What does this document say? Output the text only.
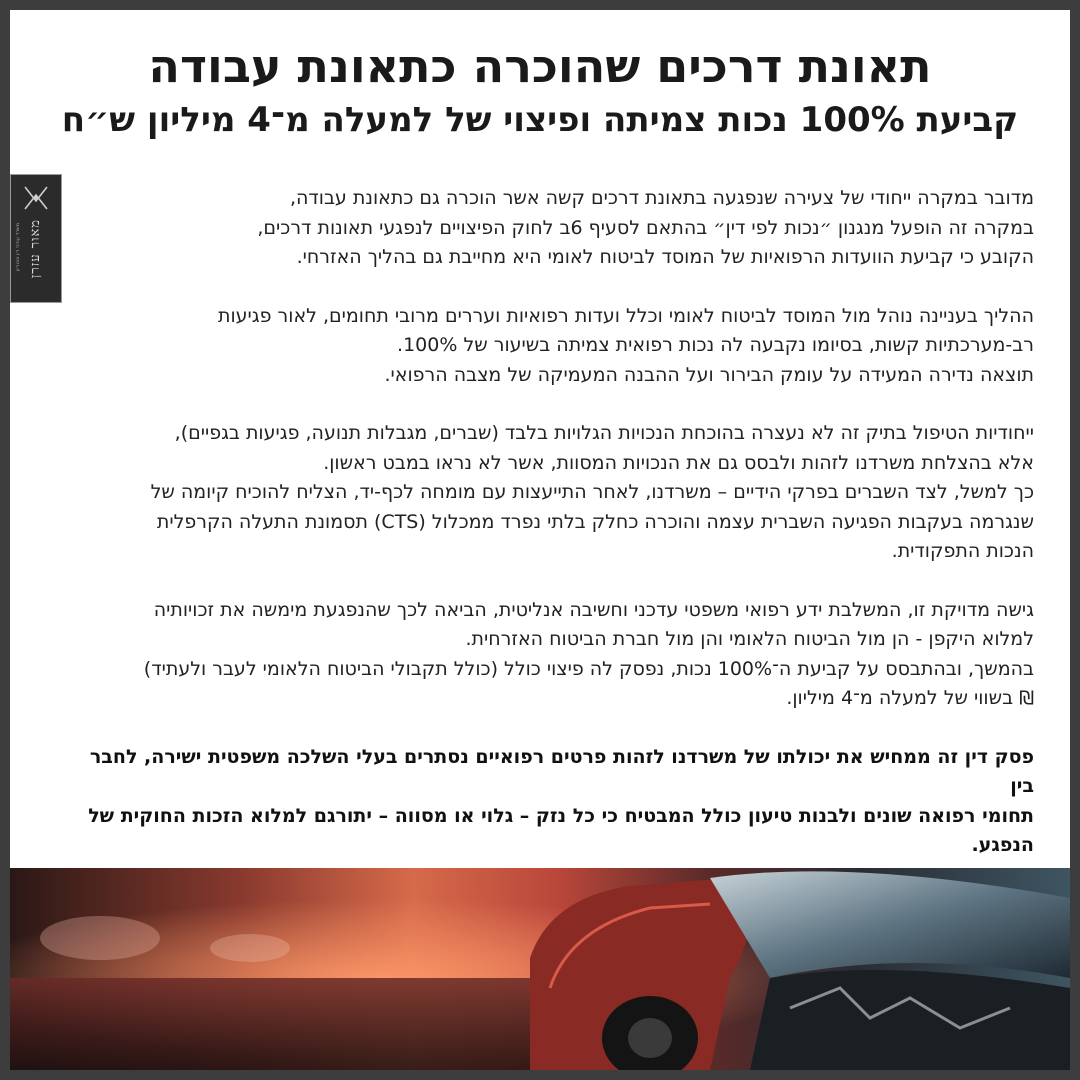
תאונת דרכים שהוכרה כתאונת עבודה
קביעת 100% נכות צמיתה ופיצוי של למעלה מ־4 מיליון ש״ח
מאור עזרן
משרד עורכי דין ונוטריון

מדובר במקרה ייחודי של צעירה שנפגעה בתאונת דרכים קשה אשר הוכרה גם כתאונת עבודה,
במקרה זה הופעל מנגנון ״נכות לפי דין״ בהתאם לסעיף 6ב לחוק הפיצויים לנפגעי תאונות דרכים,
הקובע כי קביעת הוועדות הרפואיות של המוסד לביטוח לאומי היא מחייבת גם בהליך האזרחי.

ההליך בעניינה נוהל מול המוסד לביטוח לאומי וכלל ועדות רפואיות ועררים מרובי תחומים, לאור פגיעות
רב-מערכתיות קשות, בסיומו נקבעה לה נכות רפואית צמיתה בשיעור של 100%.
תוצאה נדירה המעידה על עומק הבירור ועל ההבנה המעמיקה של מצבה הרפואי.

ייחודיות הטיפול בתיק זה לא נעצרה בהוכחת הנכויות הגלויות בלבד (שברים, מגבלות תנועה, פגיעות בגפיים),
אלא בהצלחת משרדנו לזהות ולבסס גם את הנכויות המסוות, אשר לא נראו במבט ראשון.
כך למשל, לצד השברים בפרקי הידיים – משרדנו, לאחר התייעצות עם מומחה לכף-יד, הצליח להוכיח קיומה של
שנגרמה בעקבות הפגיעה השברית עצמה והוכרה כחלק בלתי נפרד ממכלול (CTS) תסמונת התעלה הקרפלית
הנכות התפקודית.

גישה מדויקת זו, המשלבת ידע רפואי משפטי עדכני וחשיבה אנליטית, הביאה לכך שהנפגעת מימשה את זכויותיה
למלוא היקפן - הן מול הביטוח הלאומי והן מול חברת הביטוח האזרחית.
בהמשך, ובהתבסס על קביעת ה־100% נכות, נפסק לה פיצוי כולל (כולל תקבולי הביטוח הלאומי לעבר ולעתיד)
₪ בשווי של למעלה מ־4 מיליון.

פסק דין זה ממחיש את יכולתו של משרדנו לזהות פרטים רפואיים נסתרים בעלי השלכה משפטית ישירה, לחבר בין
תחומי רפואה שונים ולבנות טיעון כולל המבטיח כי כל נזק – גלוי או מסווה – יתורגם למלוא הזכות החוקית של הנפגע.
